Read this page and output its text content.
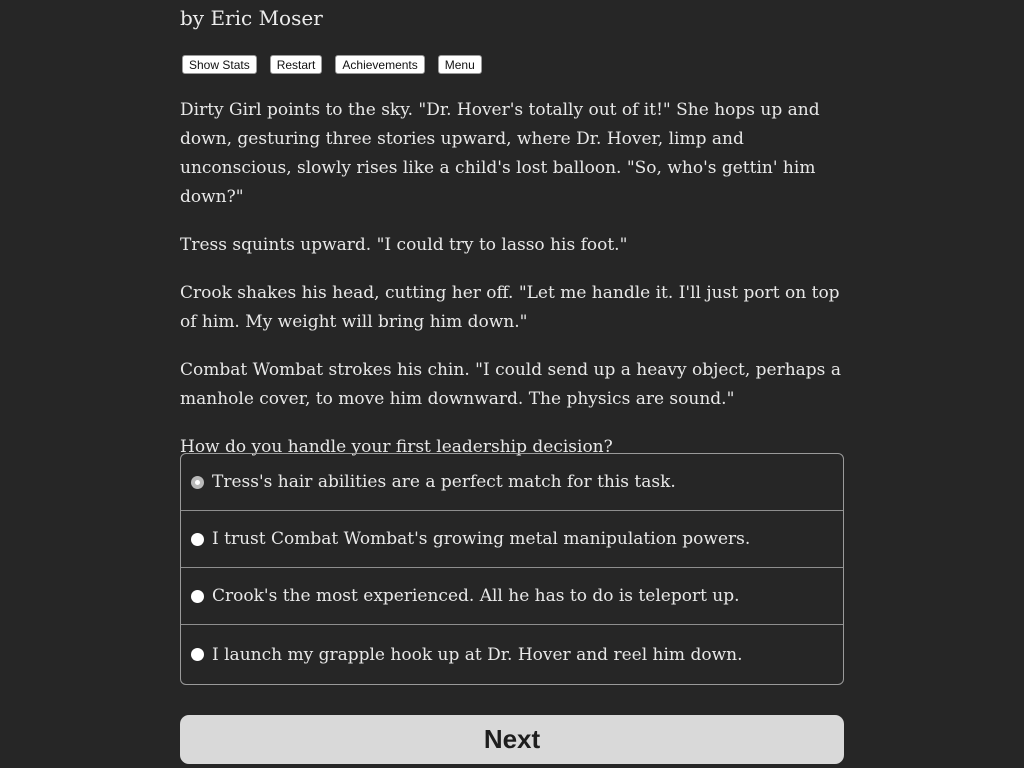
by Eric Moser
Show Stats	Restart	Achievements	Menu

Dirty Girl points to the sky. "Dr. Hover's totally out of it!" She hops up and down, gesturing three stories upward, where Dr. Hover, limp and unconscious, slowly rises like a child's lost balloon. "So, who's gettin' him down?"

Tress squints upward. "I could try to lasso his foot."

Crook shakes his head, cutting her off. "Let me handle it. I'll just port on top of him. My weight will bring him down."

Combat Wombat strokes his chin. "I could send up a heavy object, perhaps a manhole cover, to move him downward. The physics are sound."

How do you handle your first leadership decision?

Tress's hair abilities are a perfect match for this task.
I trust Combat Wombat's growing metal manipulation powers.
Crook's the most experienced. All he has to do is teleport up.
I launch my grapple hook up at Dr. Hover and reel him down.
Next
